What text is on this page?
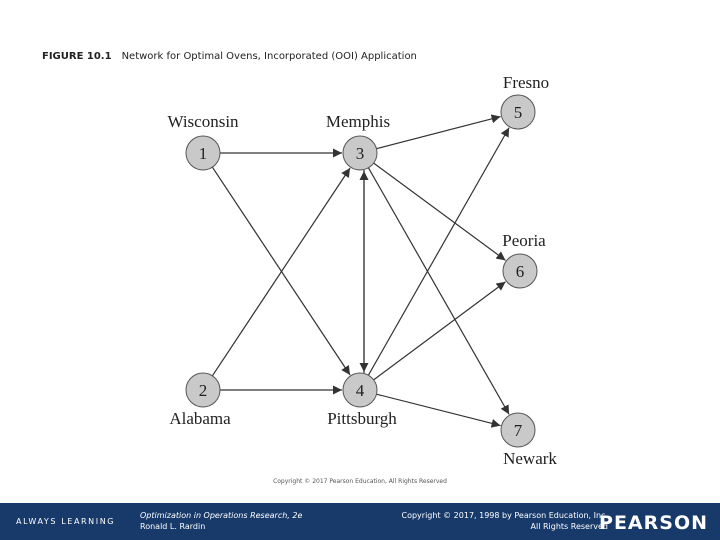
FIGURE 10.1 Network for Optimal Ovens, Incorporated (OOI) Application
1
Wisconsin
2
Alabama
3
Memphis
4
Pittsburgh
5
Fresno
6
Peoria
7
Newark
Copyright © 2017 Pearson Education, All Rights Reserved
ALWAYS LEARNING
Optimization in Operations Research, 2e
Ronald L. Rardin
Copyright © 2017, 1998 by Pearson Education, Inc.
All Rights Reserved
PEARSON
